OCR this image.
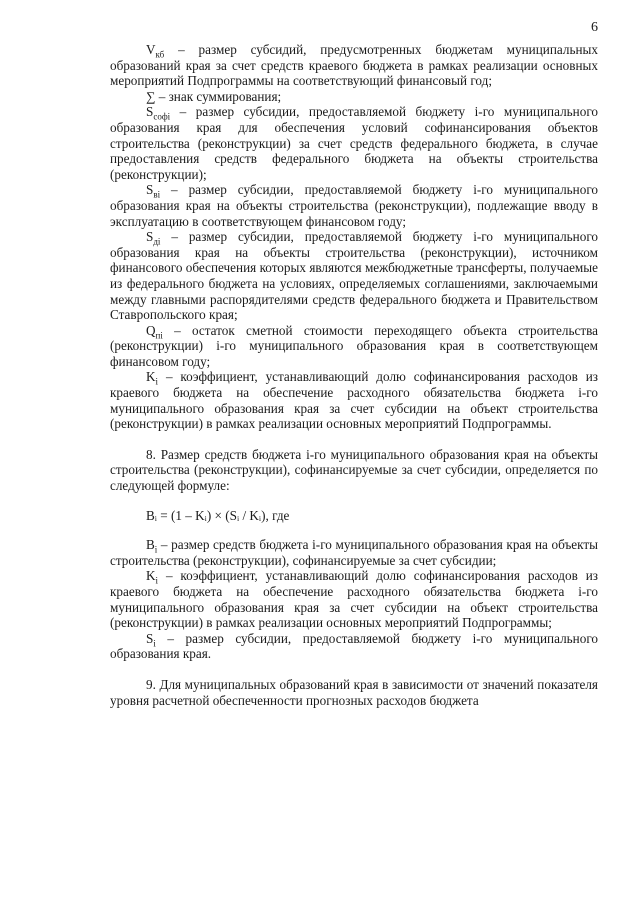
6

$V_{кб}$ – размер субсидий, предусмотренных бюджетам муниципальных образований края за счет средств краевого бюджета в рамках реализации основных мероприятий Подпрограммы на соответствующий финансовый год;

∑ – знак суммирования;

$S_{софi}$ – размер субсидии, предоставляемой бюджету i-го муниципального образования края для обеспечения условий софинансирования объектов строительства (реконструкции) за счет средств федерального бюджета, в случае предоставления средств федерального бюджета на объекты строительства (реконструкции);

$S_{вi}$ – размер субсидии, предоставляемой бюджету i-го муниципального образования края на объекты строительства (реконструкции), подлежащие вводу в эксплуатацию в соответствующем финансовом году;

$S_{дi}$ – размер субсидии, предоставляемой бюджету i-го муниципального образования края на объекты строительства (реконструкции), источником финансового обеспечения которых являются межбюджетные трансферты, получаемые из федерального бюджета на условиях, определяемых соглашениями, заключаемыми между главными распорядителями средств федерального бюджета и Правительством Ставропольского края;

$Q_{пi}$ – остаток сметной стоимости переходящего объекта строительства (реконструкции) i-го муниципального образования края в соответствующем финансовом году;

$K_i$ – коэффициент, устанавливающий долю софинансирования расходов из краевого бюджета на обеспечение расходного обязательства бюджета i-го муниципального образования края за счет субсидии на объект строительства (реконструкции) в рамках реализации основных мероприятий Подпрограммы.

8. Размер средств бюджета i-го муниципального образования края на объекты строительства (реконструкции), софинансируемые за счет субсидии, определяется по следующей формуле:

Bᵢ = (1 – Kᵢ) × (Sᵢ / Kᵢ), где

$B_i$ – размер средств бюджета i-го муниципального образования края на объекты строительства (реконструкции), софинансируемые за счет субсидии;

$K_i$ – коэффициент, устанавливающий долю софинансирования расходов из краевого бюджета на обеспечение расходного обязательства бюджета i-го муниципального образования края за счет субсидии на объект строительства (реконструкции) в рамках реализации основных мероприятий Подпрограммы;

$S_i$ – размер субсидии, предоставляемой бюджету i-го муниципального образования края.

9. Для муниципальных образований края в зависимости от значений показателя уровня расчетной обеспеченности прогнозных расходов бюджета
